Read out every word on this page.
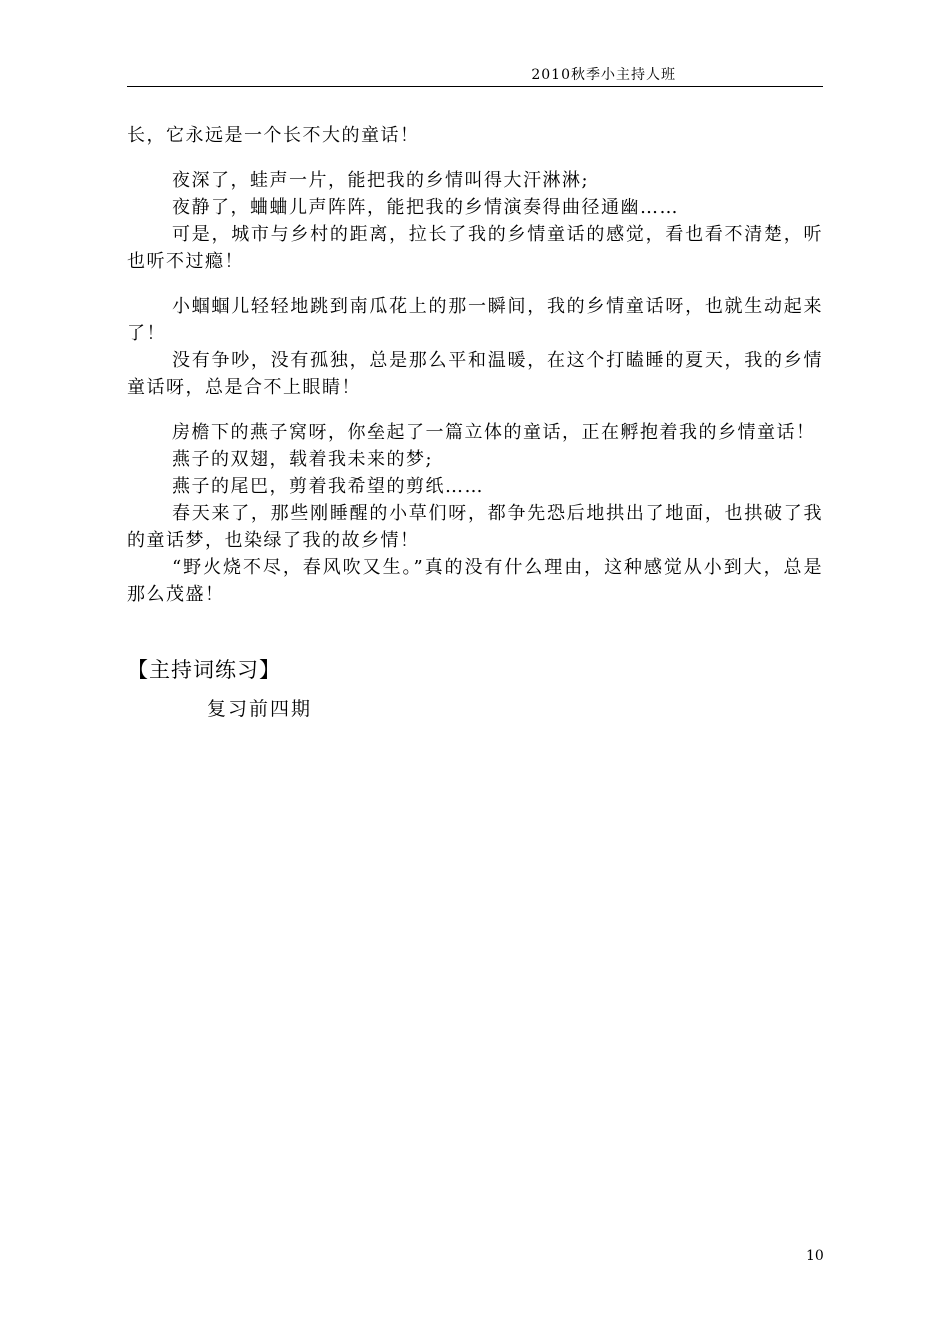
2010秋季小主持人班

长，它永远是一个长不大的童话！

夜深了，蛙声一片，能把我的乡情叫得大汗淋淋;

夜静了，蛐蛐儿声阵阵，能把我的乡情演奏得曲径通幽……

可是，城市与乡村的距离，拉长了我的乡情童话的感觉，看也看不清楚，听也听不过瘾！

小蝈蝈儿轻轻地跳到南瓜花上的那一瞬间，我的乡情童话呀，也就生动起来了！

没有争吵，没有孤独，总是那么平和温暖，在这个打瞌睡的夏天，我的乡情童话呀，总是合不上眼睛！

房檐下的燕子窝呀，你垒起了一篇立体的童话，正在孵抱着我的乡情童话！

燕子的双翅，载着我未来的梦;

燕子的尾巴，剪着我希望的剪纸……

春天来了，那些刚睡醒的小草们呀，都争先恐后地拱出了地面，也拱破了我的童话梦，也染绿了我的故乡情！

“野火烧不尽，春风吹又生。”真的没有什么理由，这种感觉从小到大，总是那么茂盛！

【主持词练习】
复习前四期
10
